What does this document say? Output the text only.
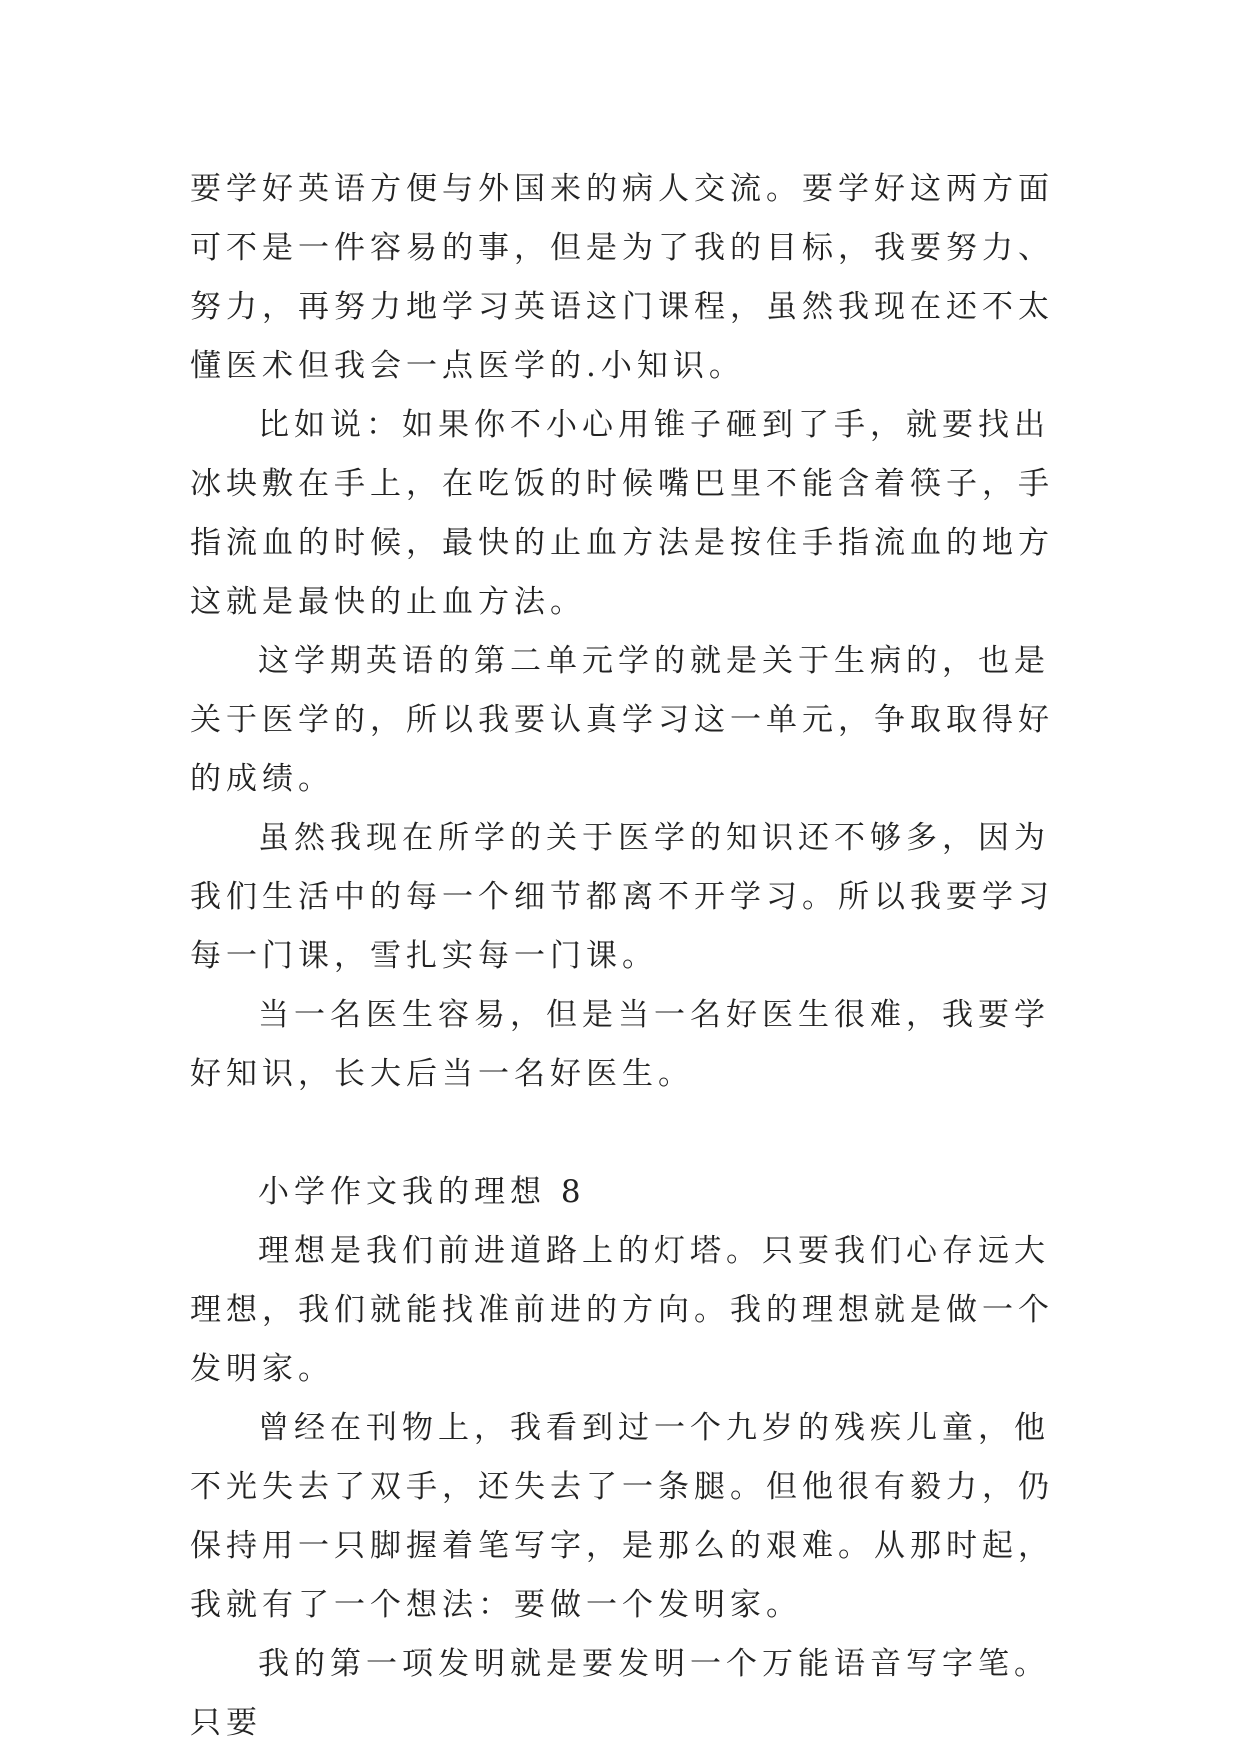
要学好英语方便与外国来的病人交流。要学好这两方面可不是一件容易的事，但是为了我的目标，我要努力、努力，再努力地学习英语这门课程，虽然我现在还不太懂医术但我会一点医学的.小知识。

比如说：如果你不小心用锥子砸到了手，就要找出冰块敷在手上，在吃饭的时候嘴巴里不能含着筷子，手指流血的时候，最快的止血方法是按住手指流血的地方这就是最快的止血方法。

这学期英语的第二单元学的就是关于生病的，也是关于医学的，所以我要认真学习这一单元，争取取得好的成绩。

虽然我现在所学的关于医学的知识还不够多，因为我们生活中的每一个细节都离不开学习。所以我要学习每一门课，雪扎实每一门课。

当一名医生容易，但是当一名好医生很难，我要学好知识，长大后当一名好医生。

小学作文我的理想 8

理想是我们前进道路上的灯塔。只要我们心存远大理想，我们就能找准前进的方向。我的理想就是做一个发明家。

曾经在刊物上，我看到过一个九岁的残疾儿童，他不光失去了双手，还失去了一条腿。但他很有毅力，仍保持用一只脚握着笔写字，是那么的艰难。从那时起，我就有了一个想法：要做一个发明家。

我的第一项发明就是要发明一个万能语音写字笔。只要
